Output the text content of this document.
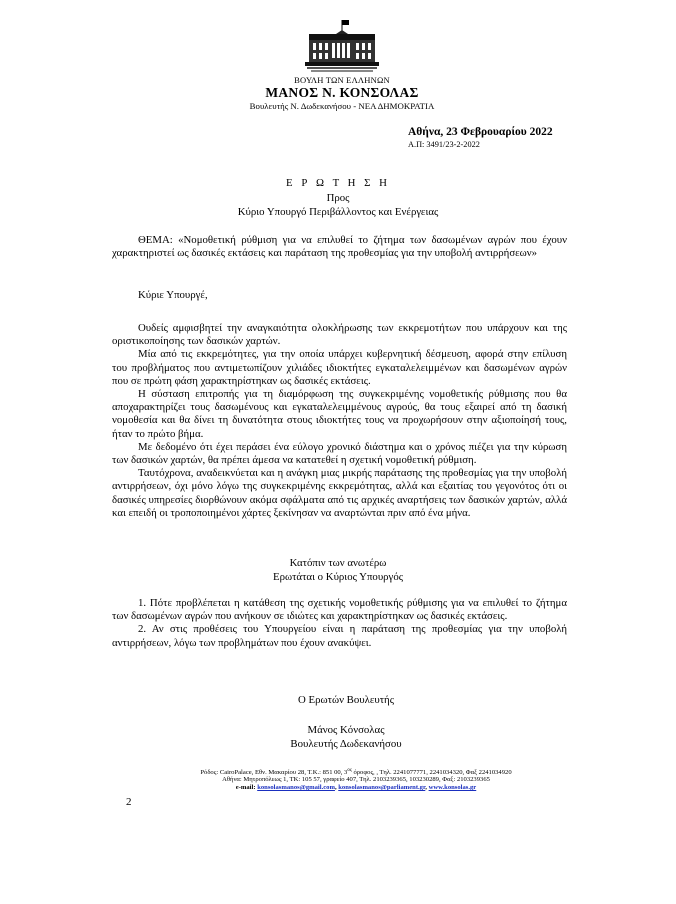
ΒΟΥΛΗ ΤΩΝ ΕΛΛΗΝΩΝ
ΜΑΝΟΣ Ν. ΚΟΝΣΟΛΑΣ
Βουλευτής Ν. Δωδεκανήσου - ΝΕΑ ΔΗΜΟΚΡΑΤΙΑ
Αθήνα, 23 Φεβρουαρίου 2022
Α.Π: 3491/23-2-2022
Ε Ρ Ω Τ Η Σ Η
Προς
Κύριο Υπουργό Περιβάλλοντος και Ενέργειας
ΘΕΜΑ: «Νομοθετική ρύθμιση για να επιλυθεί το ζήτημα των δασωμένων αγρών που έχουν χαρακτηριστεί ως δασικές εκτάσεις και παράταση της προθεσμίας για την υποβολή αντιρρήσεων»
Κύριε Υπουργέ,

Ουδείς αμφισβητεί την αναγκαιότητα ολοκλήρωσης των εκκρεμοτήτων που υπάρχουν και της οριστικοποίησης των δασικών χαρτών.

Μία από τις εκκρεμότητες, για την οποία υπάρχει κυβερνητική δέσμευση, αφορά στην επίλυση του προβλήματος που αντιμετωπίζουν χιλιάδες ιδιοκτήτες εγκαταλελειμμένων και δασωμένων αγρών που σε πρώτη φάση χαρακτηρίστηκαν ως δασικές εκτάσεις.

Η σύσταση επιτροπής για τη διαμόρφωση της συγκεκριμένης νομοθετικής ρύθμισης που θα αποχαρακτηρίζει τους δασωμένους και εγκαταλελειμμένους αγρούς, θα τους εξαιρεί από τη δασική νομοθεσία και θα δίνει τη δυνατότητα στους ιδιοκτήτες τους να προχωρήσουν στην αξιοποίησή τους, ήταν το πρώτο βήμα.

Με δεδομένο ότι έχει περάσει ένα εύλογο χρονικό διάστημα και ο χρόνος πιέζει για την κύρωση των δασικών χαρτών, θα πρέπει άμεσα να κατατεθεί η σχετική νομοθετική ρύθμιση.

Ταυτόχρονα, αναδεικνύεται και η ανάγκη μιας μικρής παράτασης της προθεσμίας για την υποβολή αντιρρήσεων, όχι μόνο λόγω της συγκεκριμένης εκκρεμότητας, αλλά και εξαιτίας του γεγονότος ότι οι δασικές υπηρεσίες διορθώνουν ακόμα σφάλματα από τις αρχικές αναρτήσεις των δασικών χαρτών, αλλά και επειδή οι τροποποιημένοι χάρτες ξεκίνησαν να αναρτώνται πριν από ένα μήνα.

Κατόπιν των ανωτέρω
Ερωτάται ο Κύριος Υπουργός

1. Πότε προβλέπεται η κατάθεση της σχετικής νομοθετικής ρύθμισης για να επιλυθεί το ζήτημα των δασωμένων αγρών που ανήκουν σε ιδιώτες και χαρακτηρίστηκαν ως δασικές εκτάσεις.

2. Αν στις προθέσεις του Υπουργείου είναι η παράταση της προθεσμίας για την υποβολή αντιρρήσεων, λόγω των προβλημάτων που έχουν ανακύψει.

Ο Ερωτών Βουλευτής
Μάνος Κόνσολας
Βουλευτής Δωδεκανήσου
Ρόδος: CairoPalace, Εθν. Μακαρίου 28, Τ.Κ.: 851 00, $3^{o\varsigma}$ όροφος, , Τηλ. 2241077771, 2241034320, Φαξ 2241034920
Αθήνα: Μητροπόλεως 1, ΤΚ: 105 57, γραφείο 407, Τηλ. 2103239365, 103230289, Φαξ: 2103239365
e-mail: konsolasmanos@gmail.com, konsolasmanos@parliament.gr, www.konsolas.gr
2
